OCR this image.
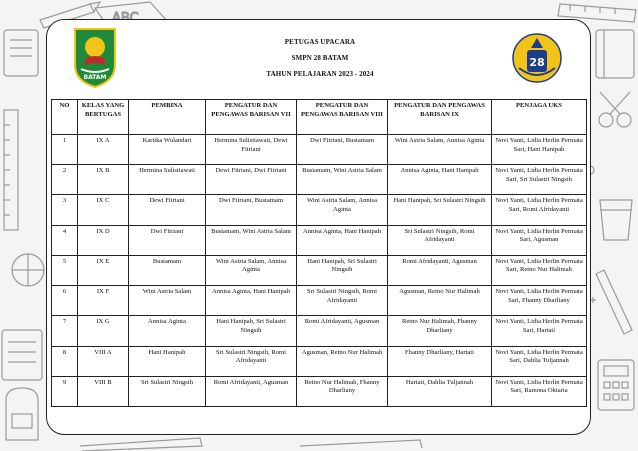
BATAM
28
PETUGAS UPACARA
SMPN 28 BATAM
TAHUN PELAJARAN 2023 - 2024
NO	KELAS YANG BERTUGAS	PEMBINA	PENGATUR DAN PENGAWAS BARISAN VII	PENGATUR DAN PENGAWAS BARISAN VIII	PENGATUR DAN PENGAWAS BARISAN IX	PENJAGA UKS
1	IX A	Kartika Wulandari	Hermina Sulistiawati, Dewi Fitriani	Dwi Fitriani, Bustamam	Wini Astria Salam, Annisa Aginta	Novi Yanti, Lidia Herlin Permata Sari, Hani Hanipah
2	IX B	Hermina Sulistiawati	Dewi Fitriani, Dwi Fitriani	Bustamam, Wini Astria Salam	Annisa Aginta, Hani Hanipah	Novi Yanti, Lidia Herlin Permata Sari, Sri Sulastri Ningsih
3	IX C	Dewi Fitriani	Dwi Fitriani, Bustamam	Wini Astria Salam, Annisa Aginta	Hani Hanipah, Sri Sulastri Ningsih	Novi Yanti, Lidia Herlin Permata Sari, Romi Afridayanti
4	IX D	Dwi Fitriani	Bustamam, Wini Astria Salam	Annisa Aginta, Hani Hanipah	Sri Sulastri Ningsih, Romi Afridayanti	Novi Yanti, Lidia Herlin Permata Sari, Agusman
5	IX E	Bustamam	Wini Astria Salam, Annisa Aginta	Hani Hanipah, Sri Sulastri Ningsih	Romi Afridayanti, Agusman	Novi Yanti, Lidia Herlin Permata Sari, Retno Nur Halimah
6	IX F	Wini Astria Salam	Annisa Aginta, Hani Hanipah	Sri Sulastri Ningsih, Romi Afridayanti	Agusman, Retno Nur Halimah	Novi Yanti, Lidia Herlin Permata Sari, Fhanny Dharliany
7	IX G	Annisa Aginta	Hani Hanipah, Sri Sulastri Ningsih	Romi Afridayanti, Agusman	Retno Nur Halimah, Fhanny Dharliany	Novi Yanti, Lidia Herlin Permata Sari, Hartati
8	VIII A	Hani Hanipah	Sri Sulastri Ningsih, Romi Afridayanti	Agusman, Retno Nur Halimah	Fhanny Dharliany, Hartati	Novi Yanti, Lidia Herlin Permata Sari, Dahlia Tuljannah
9	VIII B	Sri Sulastri Ningsih	Romi Afridayanti, Agusman	Retno Nur Halimah, Fhanny Dharliany	Hartati, Dahlia Tuljannah	Novi Yanti, Lidia Herlin Permata Sari, Ramona Oktaria
